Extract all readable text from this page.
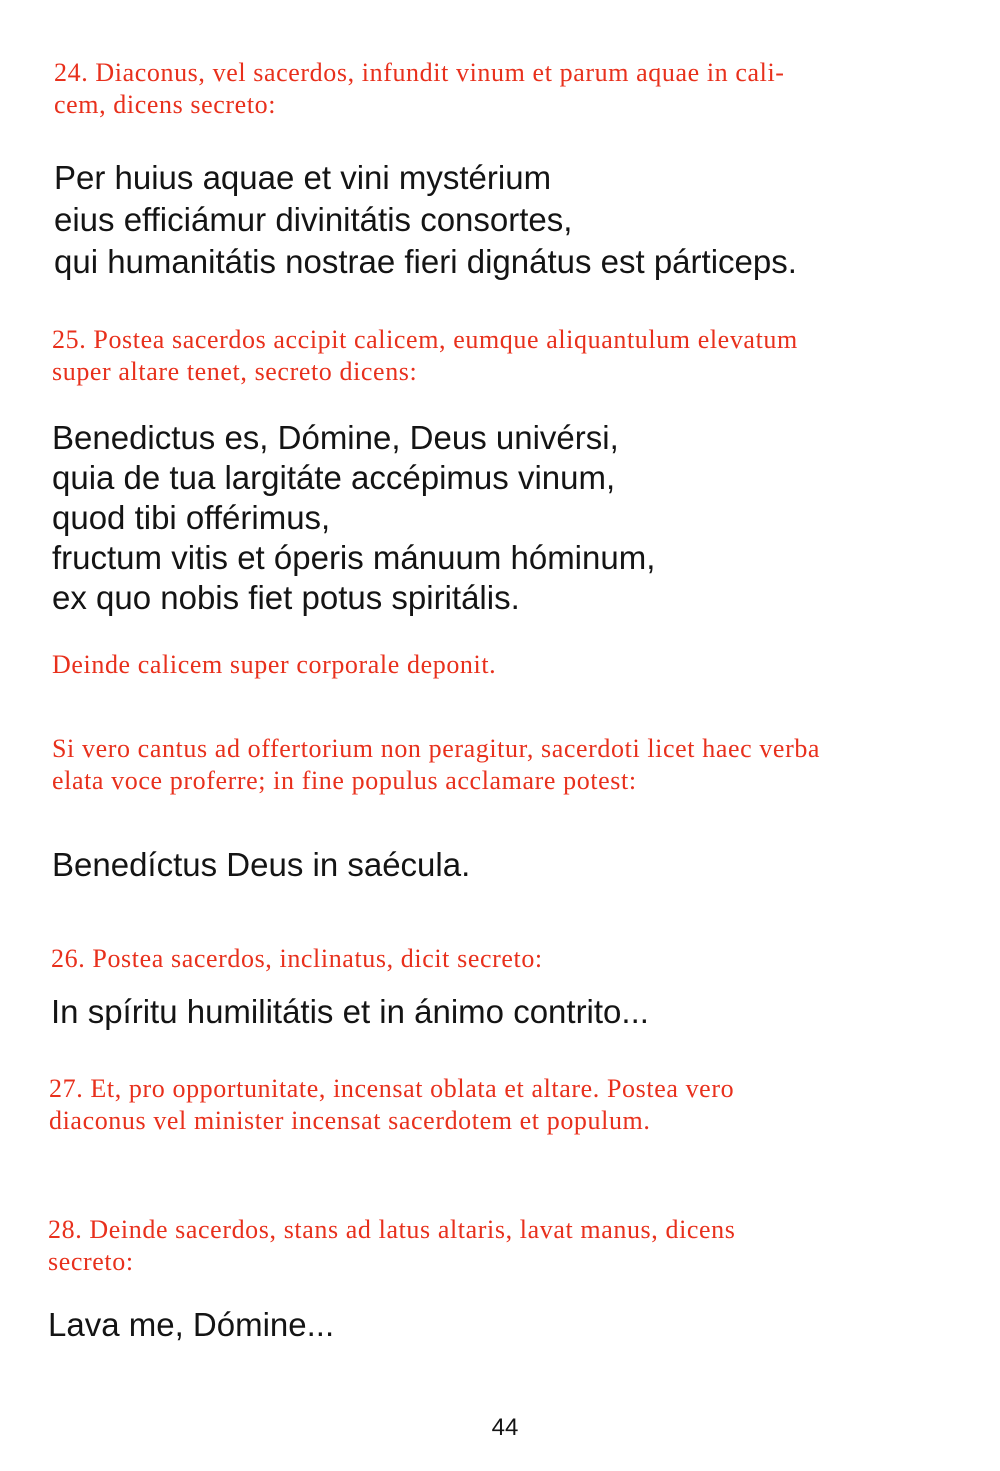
24. Diaconus, vel sacerdos, infundit vinum et parum aquae in cali-
cem, dicens secreto:

Per huius aquae et vini mystérium
eius efficiámur divinitátis consortes,
qui humanitátis nostrae fieri dignátus est párticeps.

25. Postea sacerdos accipit calicem, eumque aliquantulum elevatum
super altare tenet, secreto dicens:

Benedictus es, Dómine, Deus univérsi,
quia de tua largitáte accépimus vinum,
quod tibi offérimus,
fructum vitis et óperis mánuum hóminum,
ex quo nobis fiet potus spiritális.

Deinde calicem super corporale deponit.

Si vero cantus ad offertorium non peragitur, sacerdoti licet haec verba
elata voce proferre; in fine populus acclamare potest:

Benedíctus Deus in saécula.

26. Postea sacerdos, inclinatus, dicit secreto:

In spíritu humilitátis et in ánimo contrito...

27. Et, pro opportunitate, incensat oblata et altare. Postea vero
diaconus vel minister incensat sacerdotem et populum.

28. Deinde sacerdos, stans ad latus altaris, lavat manus, dicens
secreto:

Lava me, Dómine...

44
